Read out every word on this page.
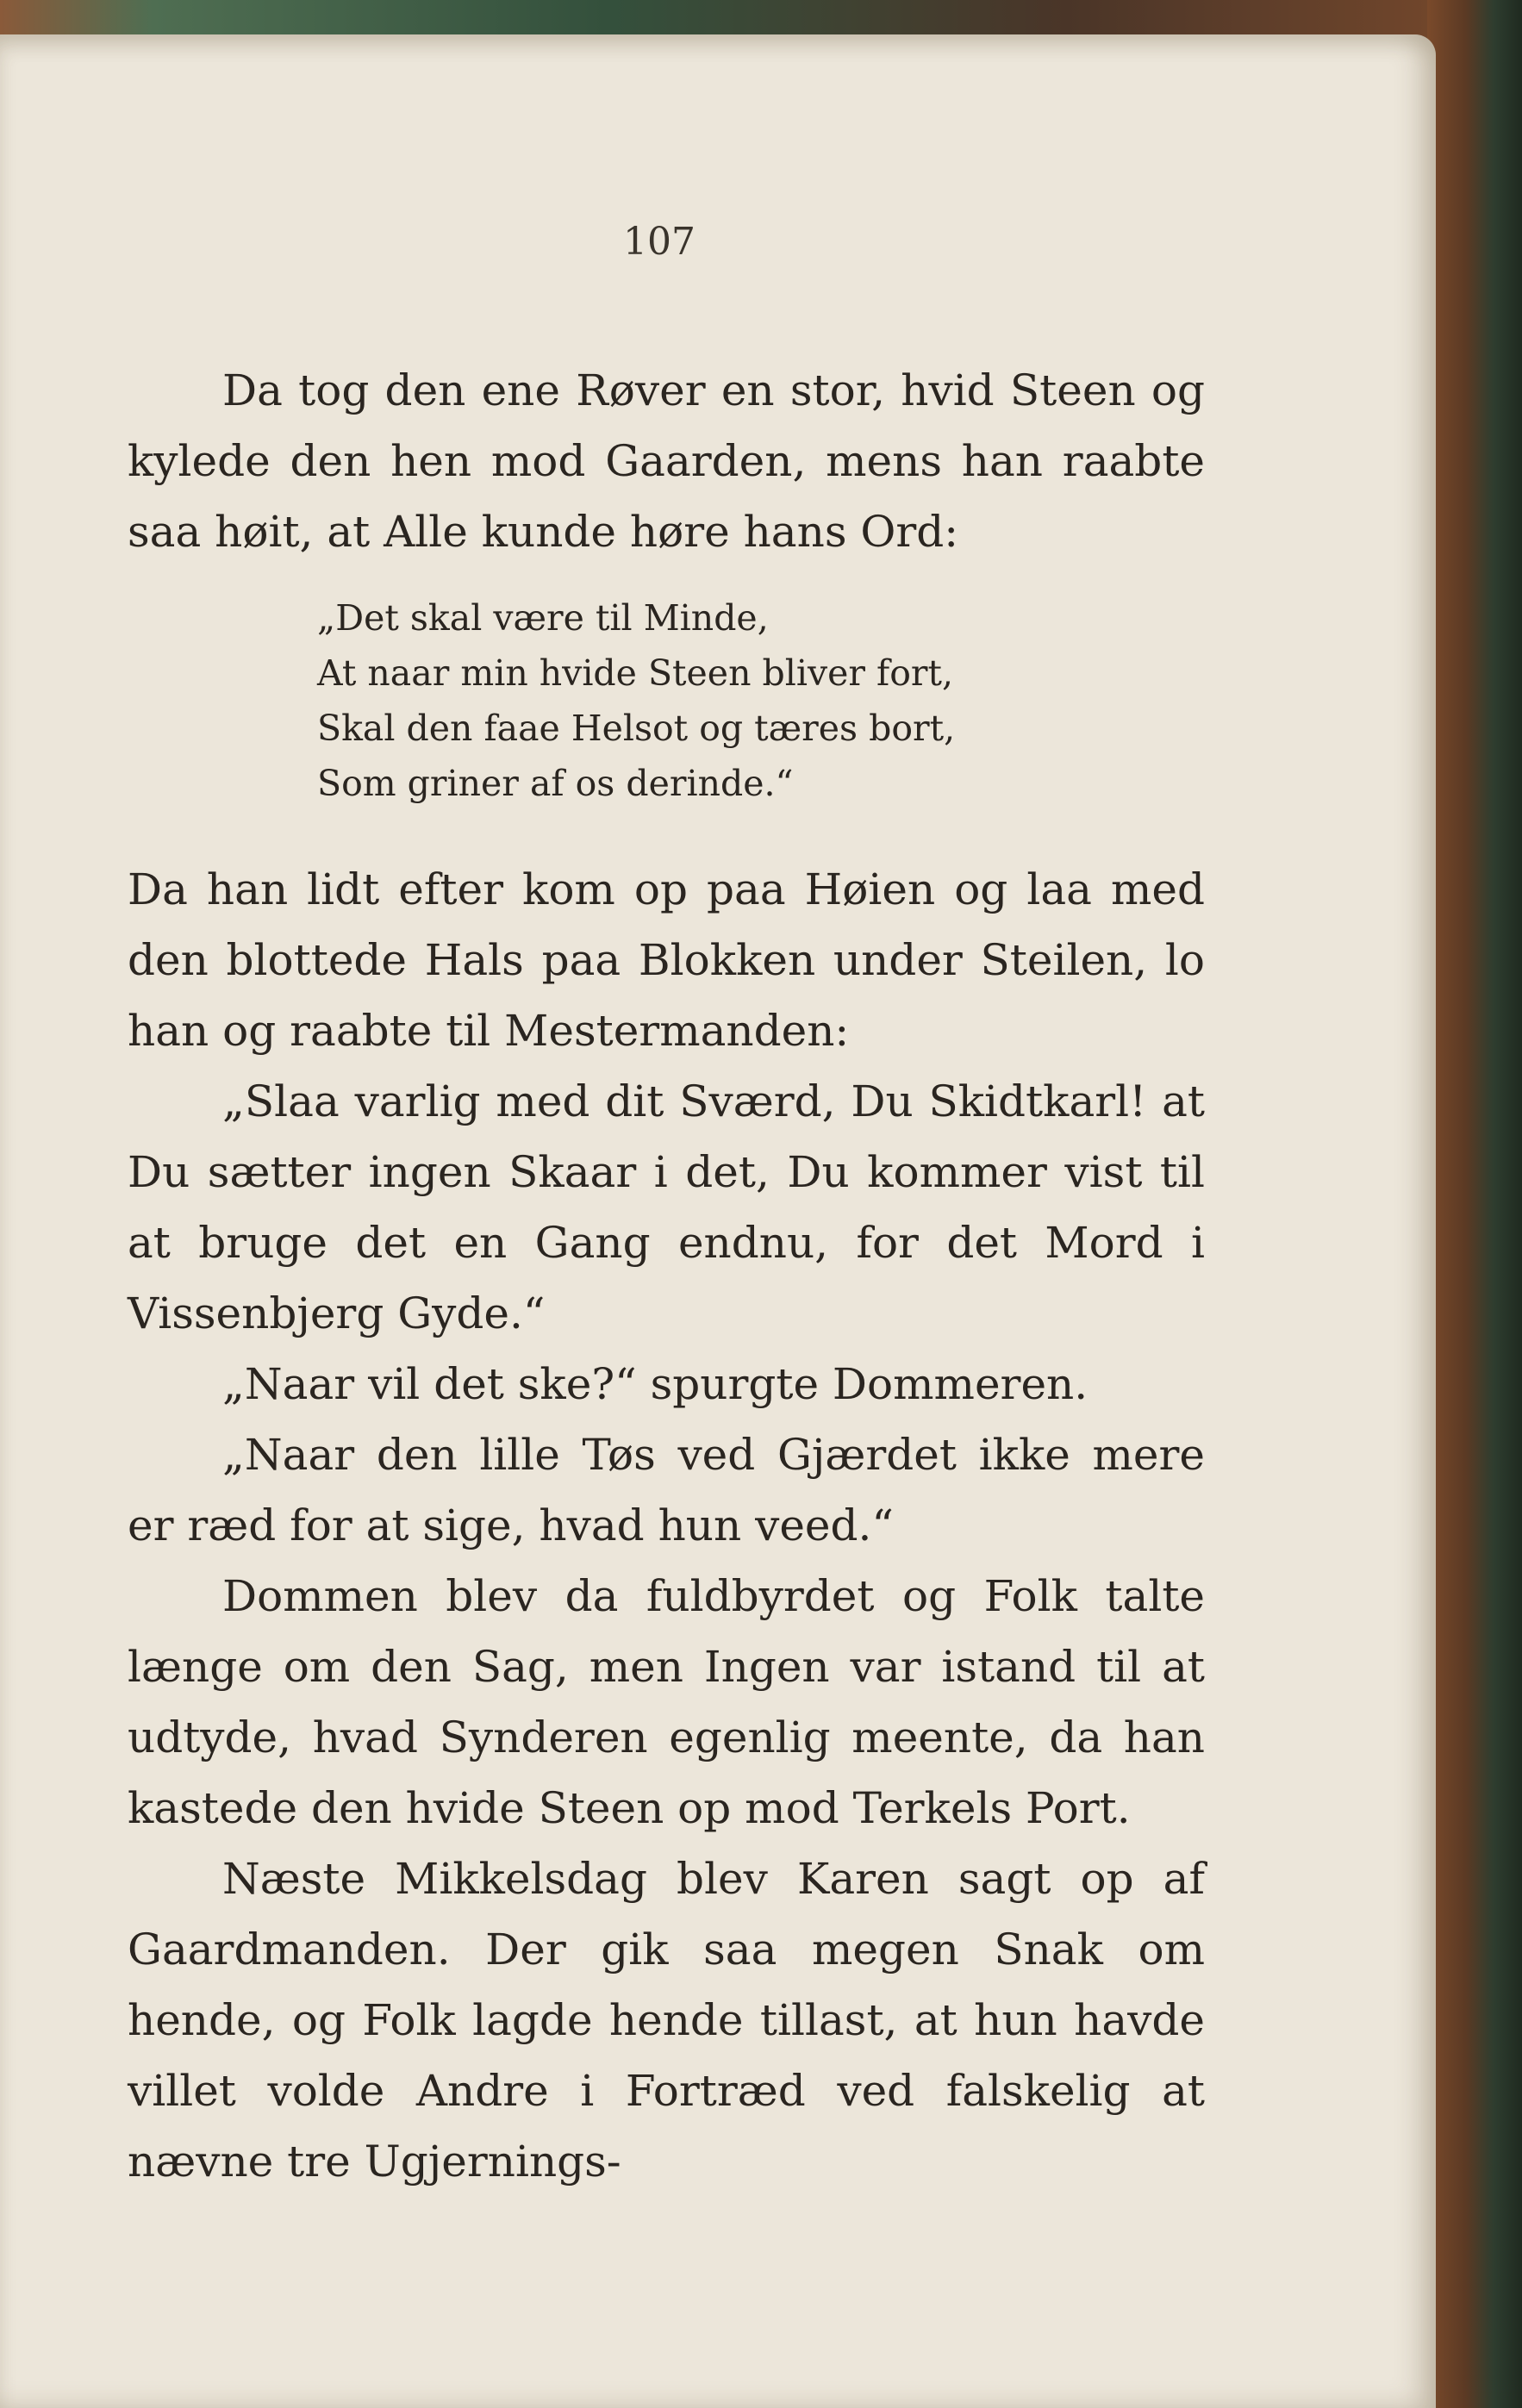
107

Da tog den ene Røver en stor, hvid Steen og kylede den hen mod Gaarden, mens han raabte saa høit, at Alle kunde høre hans Ord:

„Det skal være til Minde,
At naar min hvide Steen bliver fort,
Skal den faae Helsot og tæres bort,
Som griner af os derinde.“

Da han lidt efter kom op paa Høien og laa med den blottede Hals paa Blokken under Steilen, lo han og raabte til Mestermanden:

„Slaa varlig med dit Sværd, Du Skidtkarl! at Du sætter ingen Skaar i det, Du kommer vist til at bruge det en Gang endnu, for det Mord i Vissenbjerg Gyde.“

„Naar vil det ske?“ spurgte Dommeren.

„Naar den lille Tøs ved Gjærdet ikke mere er ræd for at sige, hvad hun veed.“

Dommen blev da fuldbyrdet og Folk talte længe om den Sag, men Ingen var istand til at udtyde, hvad Synderen egenlig meente, da han kastede den hvide Steen op mod Terkels Port.

Næste Mikkelsdag blev Karen sagt op af Gaardmanden. Der gik saa megen Snak om hende, og Folk lagde hende tillast, at hun havde villet volde Andre i Fortræd ved falskelig at nævne tre Ugjernings-
